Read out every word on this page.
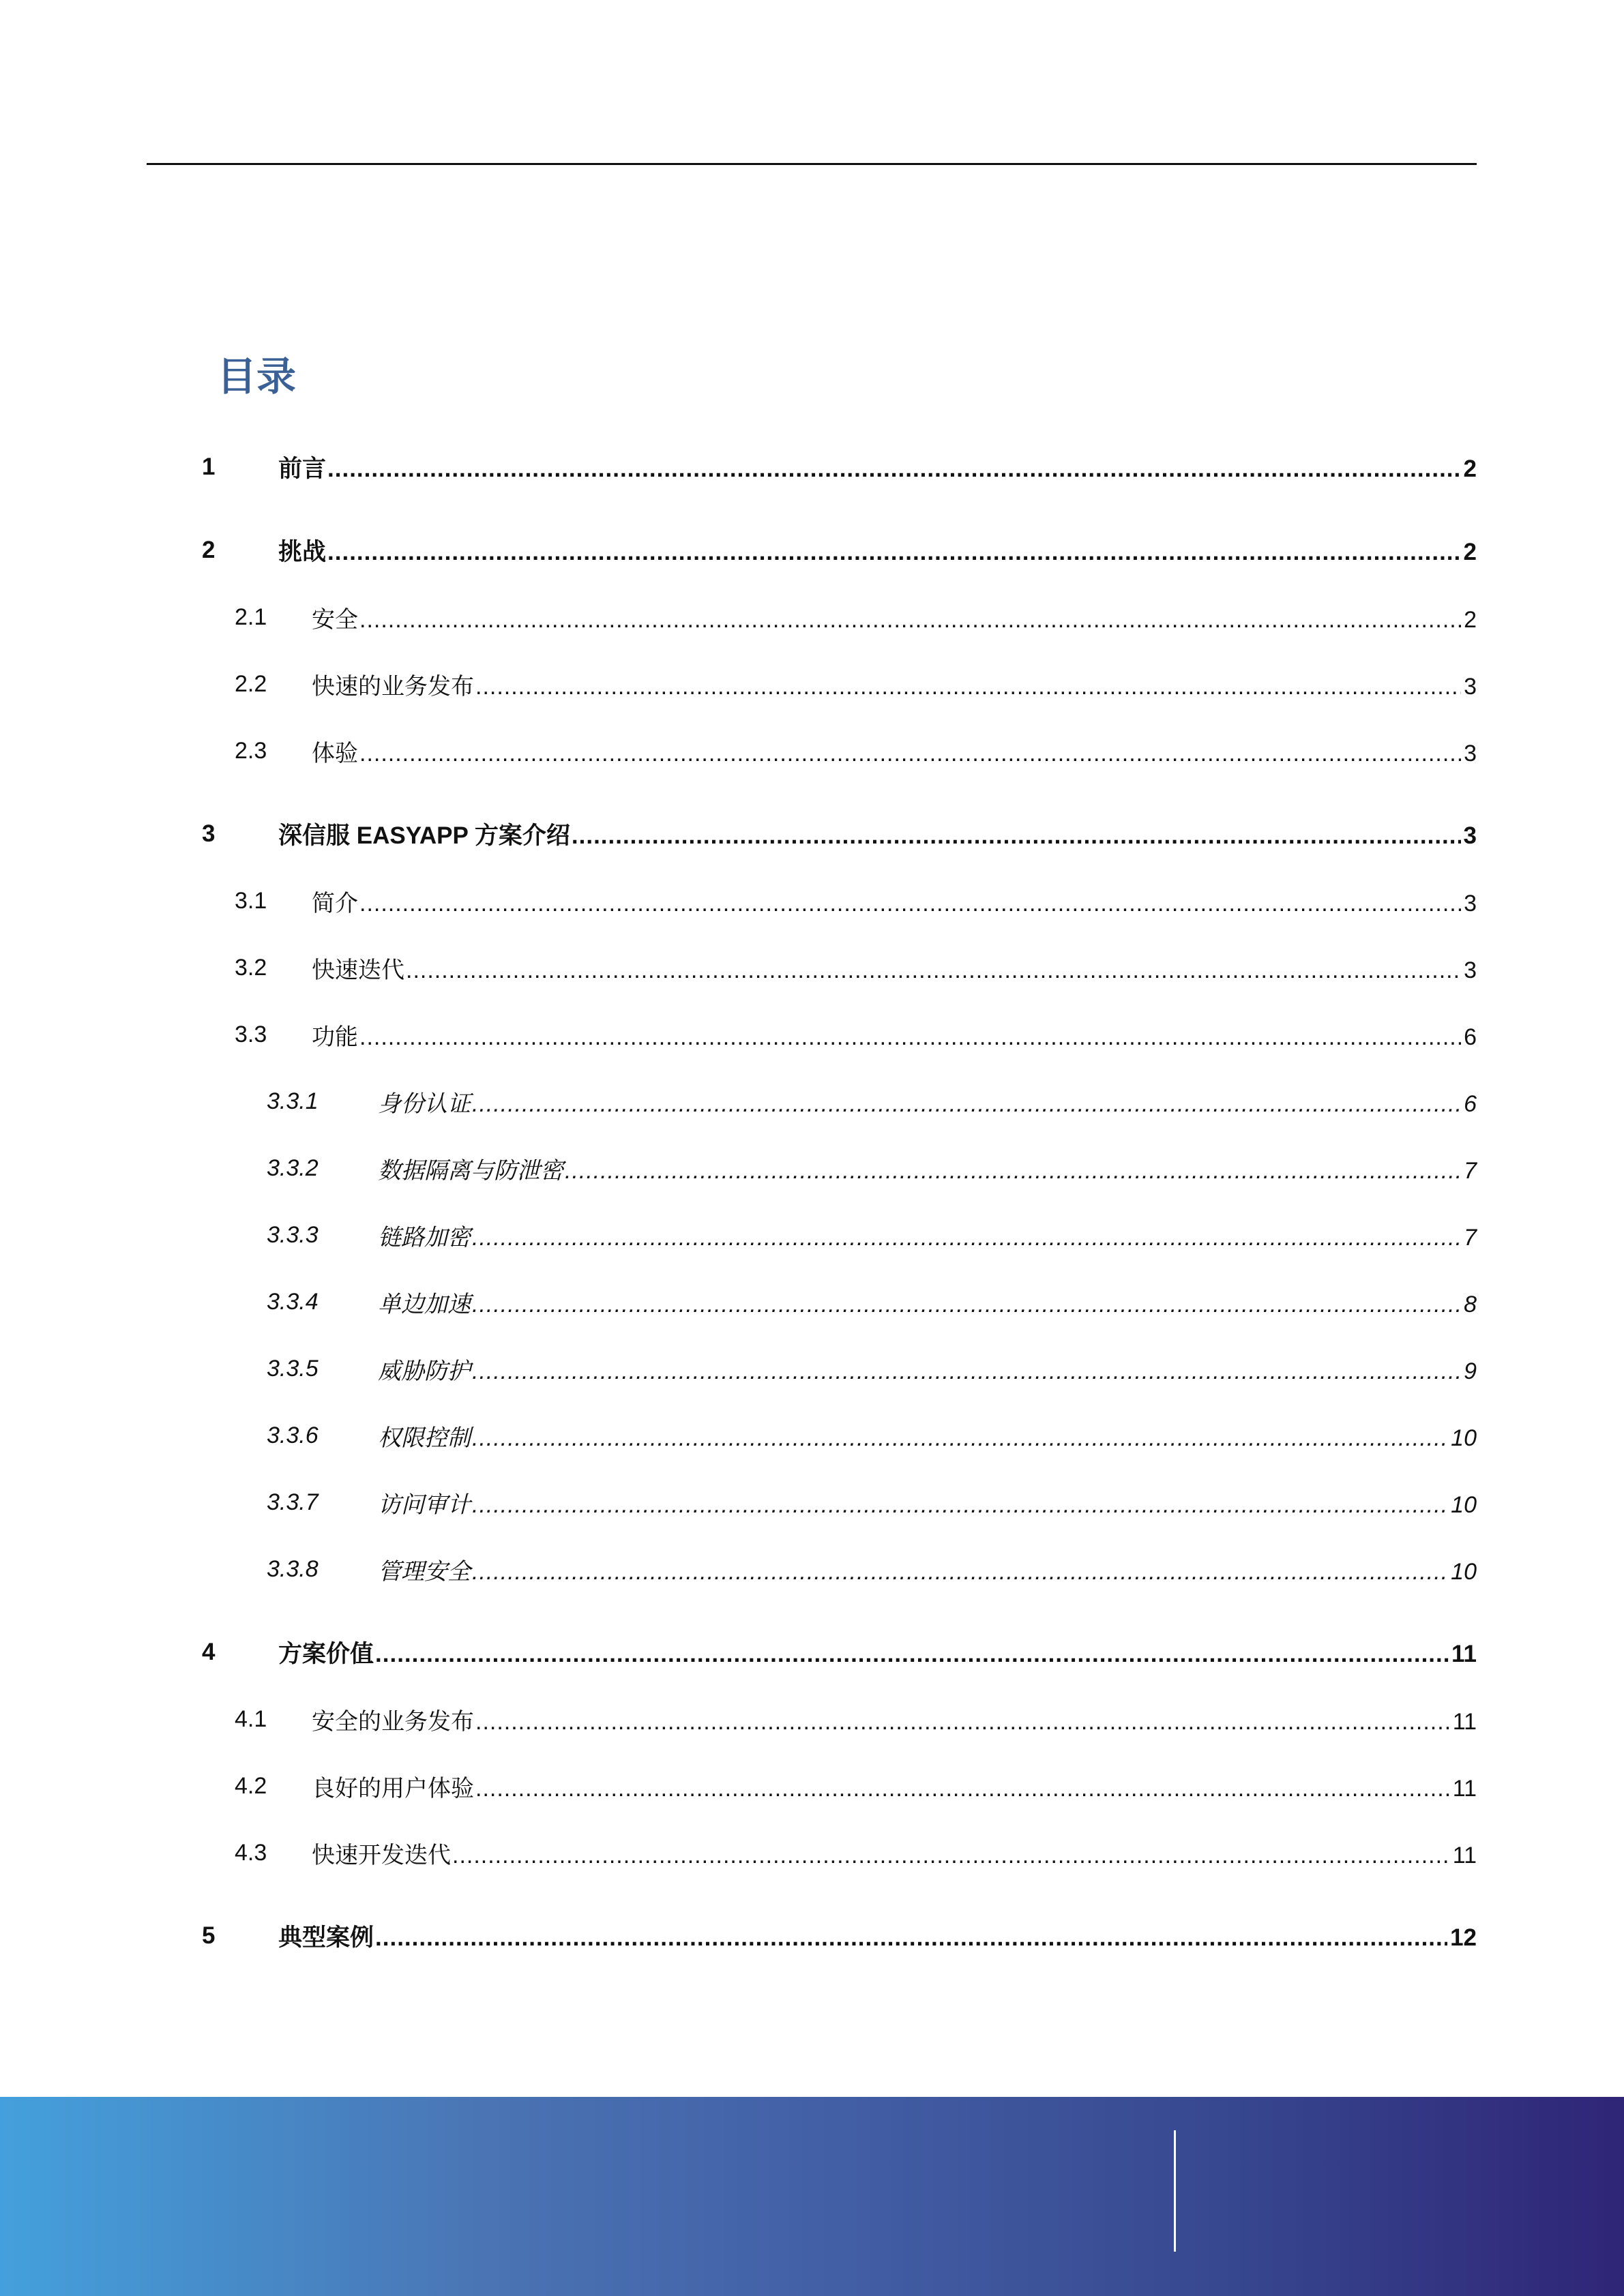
目录
1	前言 .....	2
2	挑战 .....	2
2.1 安全 .....	2
2.2 快速的业务发布 .....	3
2.3 体验 .....	3
3	深信服 EASYAPP 方案介绍 .....	3
3.1 简介 .....	3
3.2 快速迭代 .....	3
3.3 功能 .....	6
3.3.1	身份认证 .....	6
3.3.2	数据隔离与防泄密 .....	7
3.3.3	链路加密 .....	7
3.3.4	单边加速 .....	8
3.3.5	威胁防护 .....	9
3.3.6	权限控制 .....	10
3.3.7	访问审计 .....	10
3.3.8	管理安全 .....	10
4	方案价值 .....	11
4.1 安全的业务发布 .....	11
4.2 良好的用户体验 .....	11
4.3 快速开发迭代 .....	11
5	典型案例 .....	12
